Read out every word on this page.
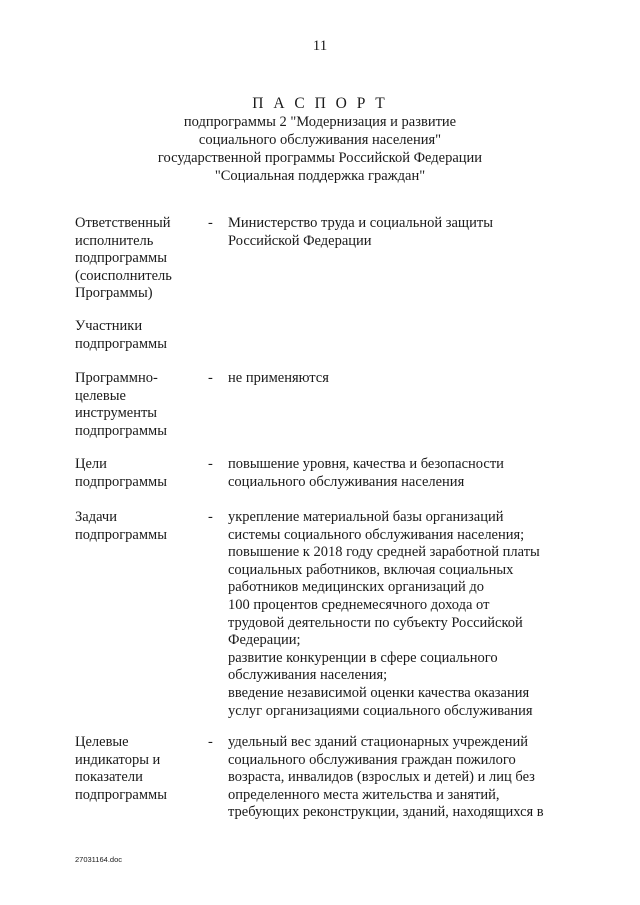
11
П А С П О Р Т
подпрограммы 2 "Модернизация и развитие
социального обслуживания населения"
государственной программы Российской Федерации
"Социальная поддержка граждан"
Ответственный
исполнитель
подпрограммы
(соисполнитель
Программы)
- Министерство труда и социальной защиты
Российской Федерации
Участники
подпрограммы
Программно-
целевые
инструменты
подпрограммы
- не применяются
Цели
подпрограммы
- повышение уровня, качества и безопасности
социального обслуживания населения
Задачи
подпрограммы
- укрепление материальной базы организаций
системы социального обслуживания населения;
повышение к 2018 году средней заработной платы
социальных работников, включая социальных
работников медицинских организаций до
100 процентов среднемесячного дохода от
трудовой деятельности по субъекту Российской
Федерации;
развитие конкуренции в сфере социального
обслуживания населения;
введение независимой оценки качества оказания
услуг организациями социального обслуживания
Целевые
индикаторы и
показатели
подпрограммы
- удельный вес зданий стационарных учреждений
социального обслуживания граждан пожилого
возраста, инвалидов (взрослых и детей) и лиц без
определенного места жительства и занятий,
требующих реконструкции, зданий, находящихся в
27031164.doc
